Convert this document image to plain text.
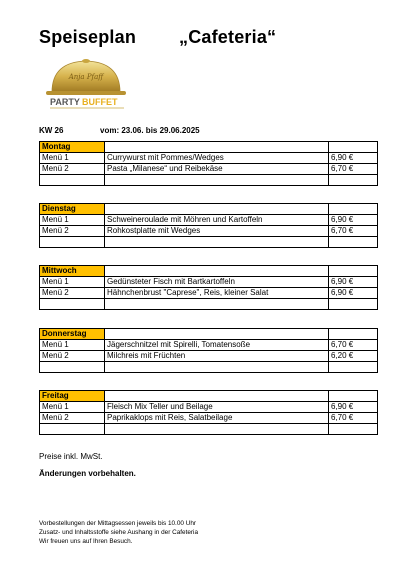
Speiseplan „Cafeteria“
Anja Pfaff
PARTY BUFFET
KW 26	vom: 23.06. bis 29.06.2025
Montag		
Menü 1	Currywurst mit Pommes/Wedges	6,90 €
Menü 2	Pasta „Milanese“ und Reibekäse	6,70 €

Dienstag		
Menü 1	Schweineroulade mit Möhren und Kartoffeln	6,90 €
Menü 2	Rohkostplatte mit Wedges	6,70 €

Mittwoch		
Menü 1	Gedünsteter Fisch mit Bartkartoffeln	6,90 €
Menü 2	Hähnchenbrust "Caprese", Reis, kleiner Salat	6,90 €

Donnerstag		
Menü 1	Jägerschnitzel mit Spirelli, Tomatensoße	6,70 €
Menü 2	Milchreis mit Früchten	6,20 €

Freitag		
Menü 1	Fleisch Mix Teller und Beilage	6,90 €
Menü 2	Paprikaklops mit Reis, Salatbeilage	6,70 €

Preise inkl. MwSt.
Änderungen vorbehalten.
Vorbestellungen der Mittagsessen jeweils bis 10.00 Uhr
Zusatz- und Inhaltsstoffe siehe Aushang in der Cafeteria
Wir freuen uns auf Ihren Besuch.
